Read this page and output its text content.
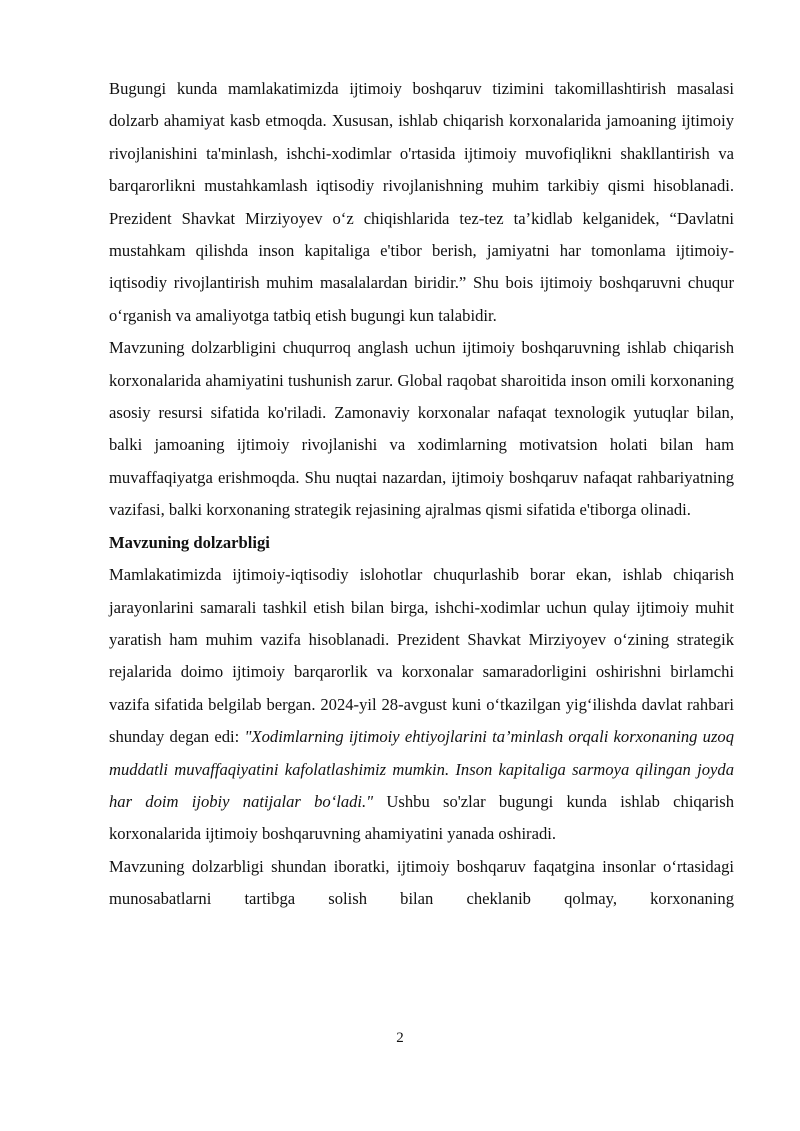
Bugungi kunda mamlakatimizda ijtimoiy boshqaruv tizimini takomillashtirish masalasi dolzarb ahamiyat kasb etmoqda. Xususan, ishlab chiqarish korxonalarida jamoaning ijtimoiy rivojlanishini ta'minlash, ishchi-xodimlar o'rtasida ijtimoiy muvofiqlikni shakllantirish va barqarorlikni mustahkamlash iqtisodiy rivojlanishning muhim tarkibiy qismi hisoblanadi. Prezident Shavkat Mirziyoyev o‘z chiqishlarida tez-tez ta’kidlab kelganidek, “Davlatni mustahkam qilishda inson kapitaliga e'tibor berish, jamiyatni har tomonlama ijtimoiy-iqtisodiy rivojlantirish muhim masalalardan biridir.” Shu bois ijtimoiy boshqaruvni chuqur o‘rganish va amaliyotga tatbiq etish bugungi kun talabidir.

Mavzuning dolzarbligini chuqurroq anglash uchun ijtimoiy boshqaruvning ishlab chiqarish korxonalarida ahamiyatini tushunish zarur. Global raqobat sharoitida inson omili korxonaning asosiy resursi sifatida ko'riladi. Zamonaviy korxonalar nafaqat texnologik yutuqlar bilan, balki jamoaning ijtimoiy rivojlanishi va xodimlarning motivatsion holati bilan ham muvaffaqiyatga erishmoqda. Shu nuqtai nazardan, ijtimoiy boshqaruv nafaqat rahbariyatning vazifasi, balki korxonaning strategik rejasining ajralmas qismi sifatida e'tiborga olinadi.

Mavzuning dolzarbligi

Mamlakatimizda ijtimoiy-iqtisodiy islohotlar chuqurlashib borar ekan, ishlab chiqarish jarayonlarini samarali tashkil etish bilan birga, ishchi-xodimlar uchun qulay ijtimoiy muhit yaratish ham muhim vazifa hisoblanadi. Prezident Shavkat Mirziyoyev o‘zining strategik rejalarida doimo ijtimoiy barqarorlik va korxonalar samaradorligini oshirishni birlamchi vazifa sifatida belgilab bergan. 2024-yil 28-avgust kuni o‘tkazilgan yig‘ilishda davlat rahbari shunday degan edi: "Xodimlarning ijtimoiy ehtiyojlarini ta’minlash orqali korxonaning uzoq muddatli muvaffaqiyatini kafolatlashimiz mumkin. Inson kapitaliga sarmoya qilingan joyda har doim ijobiy natijalar bo‘ladi." Ushbu so'zlar bugungi kunda ishlab chiqarish korxonalarida ijtimoiy boshqaruvning ahamiyatini yanada oshiradi.

Mavzuning dolzarbligi shundan iboratki, ijtimoiy boshqaruv faqatgina insonlar o‘rtasidagi munosabatlarni tartibga solish bilan cheklanib qolmay, korxonaning

2
